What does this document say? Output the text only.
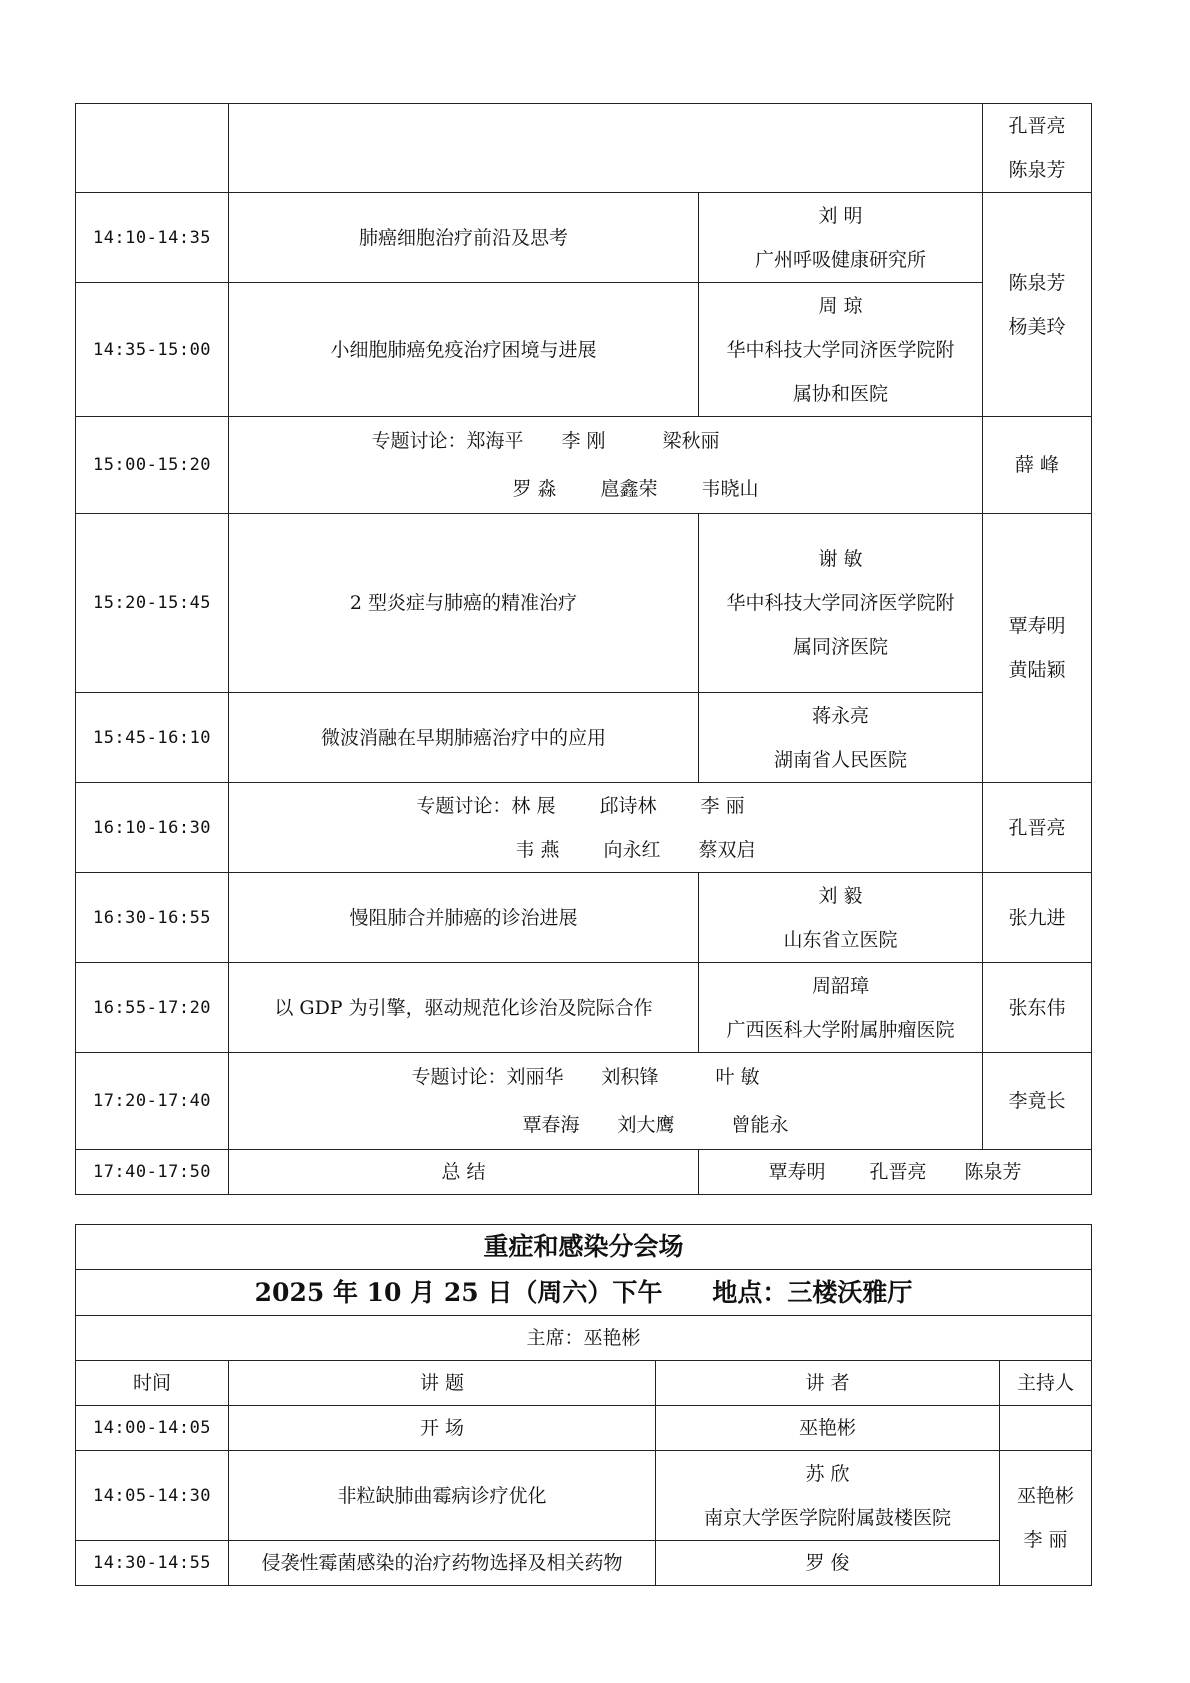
			孔晋亮
陈泉芳

14:10-14:35	肺癌细胞治疗前沿及思考	刘 明
广州呼吸健康研究所	陈泉芳
杨美玲

14:35-15:00	小细胞肺癌免疫治疗困境与进展	周 琼
华中科技大学同济医学院附
属协和医院	

15:00-15:20	专题讨论：郑海平　　李 刚　　　梁秋丽
罗 淼　　 扈鑫荣　　 韦晓山		薛 峰
15:20-15:45	2 型炎症与肺癌的精准治疗	谢 敏
华中科技大学同济医学院附
属同济医院	覃寿明
黄陆颖

15:45-16:10	微波消融在早期肺癌治疗中的应用	蒋永亮
湖南省人民医院	

16:10-16:30	专题讨论：林 展　　 邱诗林　　 李 丽
韦 燕　　 向永红　　蔡双启		孔晋亮
16:30-16:55	慢阻肺合并肺癌的诊治进展	刘 毅
山东省立医院	张九进
16:55-17:20	以 GDP 为引擎，驱动规范化诊治及院际合作	周韶璋
广西医科大学附属肿瘤医院	张东伟
17:20-17:40	专题讨论：刘丽华　　刘积锋　　　叶 敏
覃春海　　刘大鹰　　　曾能永		李竟长
17:40-17:50	总 结	覃寿明　　 孔晋亮　　陈泉芳	
重症和感染分会场			
2025 年 10 月 25 日（周六）下午　　地点：三楼沃雅厅			
主席：巫艳彬			
时间	讲 题	讲 者	主持人
14:00-14:05	开 场	巫艳彬	
14:05-14:30	非粒缺肺曲霉病诊疗优化	苏 欣
南京大学医学院附属鼓楼医院	巫艳彬
李 丽

14:30-14:55	侵袭性霉菌感染的治疗药物选择及相关药物	罗 俊	
